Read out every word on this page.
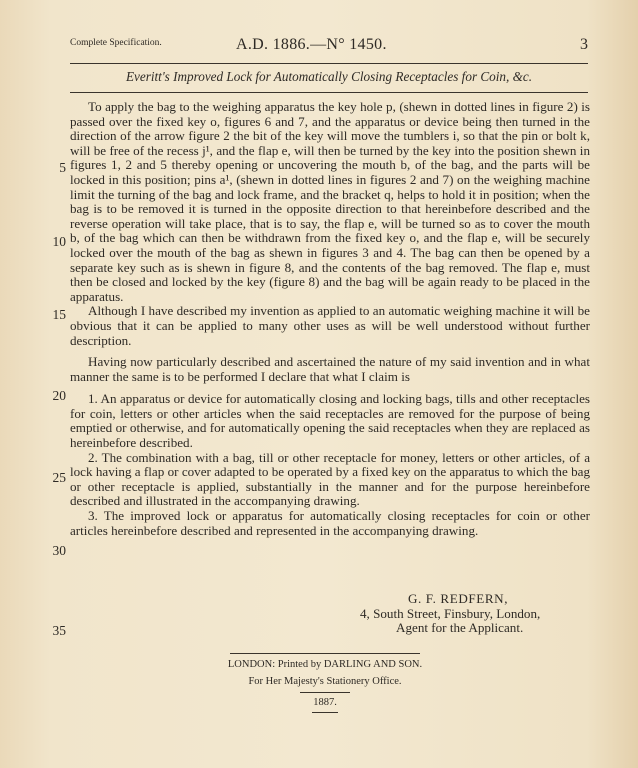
Complete Specification.	A.D. 1886.—N° 1450.	3
Everitt's Improved Lock for Automatically Closing Receptacles for Coin, &c.

To apply the bag to the weighing apparatus the key hole p, (shewn in dotted lines in figure 2) is passed over the fixed key o, figures 6 and 7, and the apparatus or device being then turned in the direction of the arrow figure 2 the bit of the key will move the tumblers i, so that the pin or bolt k, will be free of the recess j¹, and the flap e, will then be turned by the key into the position shewn in figures 1, 2 and 5 thereby opening or uncovering the mouth b, of the bag, and the parts will be locked in this position; pins a¹, (shewn in dotted lines in figures 2 and 7) on the weighing machine limit the turning of the bag and lock frame, and the bracket q, helps to hold it in position; when the bag is to be removed it is turned in the opposite direction to that hereinbefore described and the reverse operation will take place, that is to say, the flap e, will be turned so as to cover the mouth b, of the bag which can then be withdrawn from the fixed key o, and the flap e, will be securely locked over the mouth of the bag as shewn in figures 3 and 4. The bag can then be opened by a separate key such as is shewn in figure 8, and the contents of the bag removed. The flap e, must then be closed and locked by the key (figure 8) and the bag will be again ready to be placed in the apparatus.

Although I have described my invention as applied to an automatic weighing machine it will be obvious that it can be applied to many other uses as will be well understood without further description.

Having now particularly described and ascertained the nature of my said invention and in what manner the same is to be performed I declare that what I claim is

1. An apparatus or device for automatically closing and locking bags, tills and other receptacles for coin, letters or other articles when the said receptacles are removed for the purpose of being emptied or otherwise, and for automatically opening the said receptacles when they are replaced as hereinbefore described.

2. The combination with a bag, till or other receptacle for money, letters or other articles, of a lock having a flap or cover adapted to be operated by a fixed key on the apparatus to which the bag or other receptacle is applied, substantially in the manner and for the purpose hereinbefore described and illustrated in the accompanying drawing.

3. The improved lock or apparatus for automatically closing receptacles for coin or other articles hereinbefore described and represented in the accompanying drawing.

5
10
15
20
25
30
35
G. F. REDFERN,
4, South Street, Finsbury, London,
Agent for the Applicant.
LONDON: Printed by DARLING AND SON.
For Her Majesty's Stationery Office.
1887.
